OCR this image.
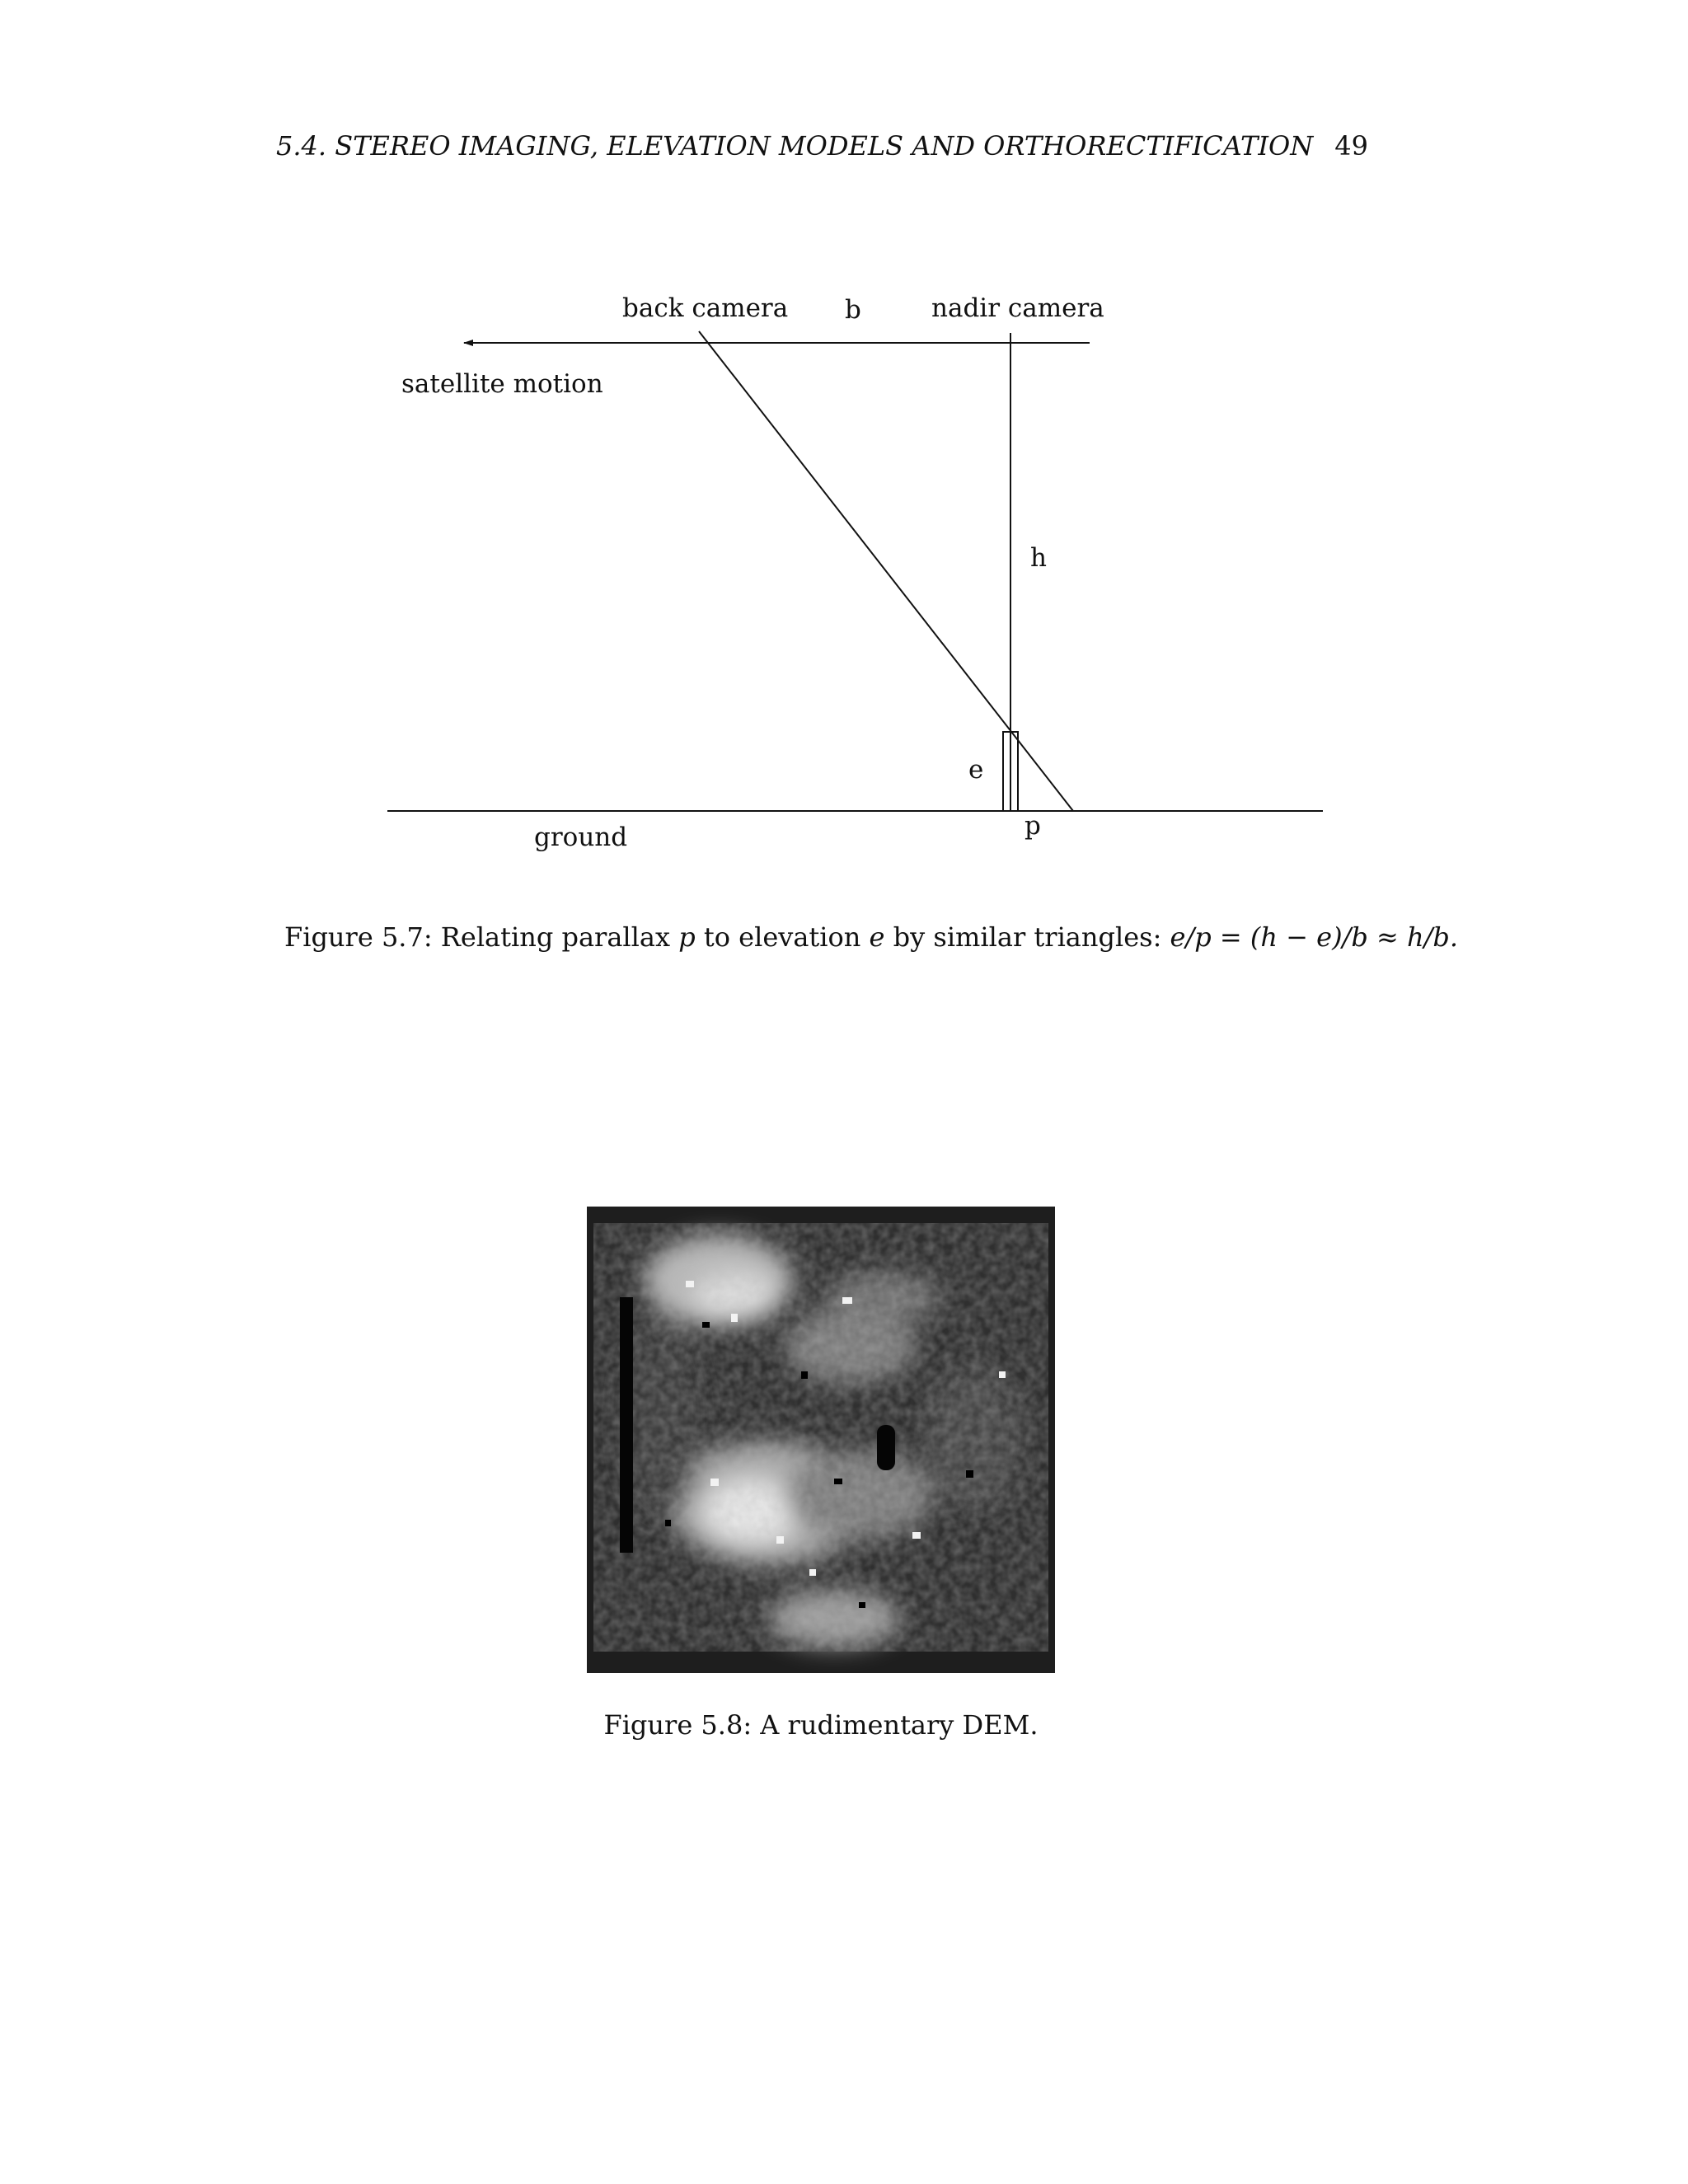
5.4. STEREO IMAGING, ELEVATION MODELS AND ORTHORECTIFICATION 49
back camera b	nadir camera
satellite motion
h
e
ground	p
Figure 5.7: Relating parallax p to elevation e by similar triangles: e/p = (h − e)/b ≈ h/b.
Figure 5.8: A rudimentary DEM.
